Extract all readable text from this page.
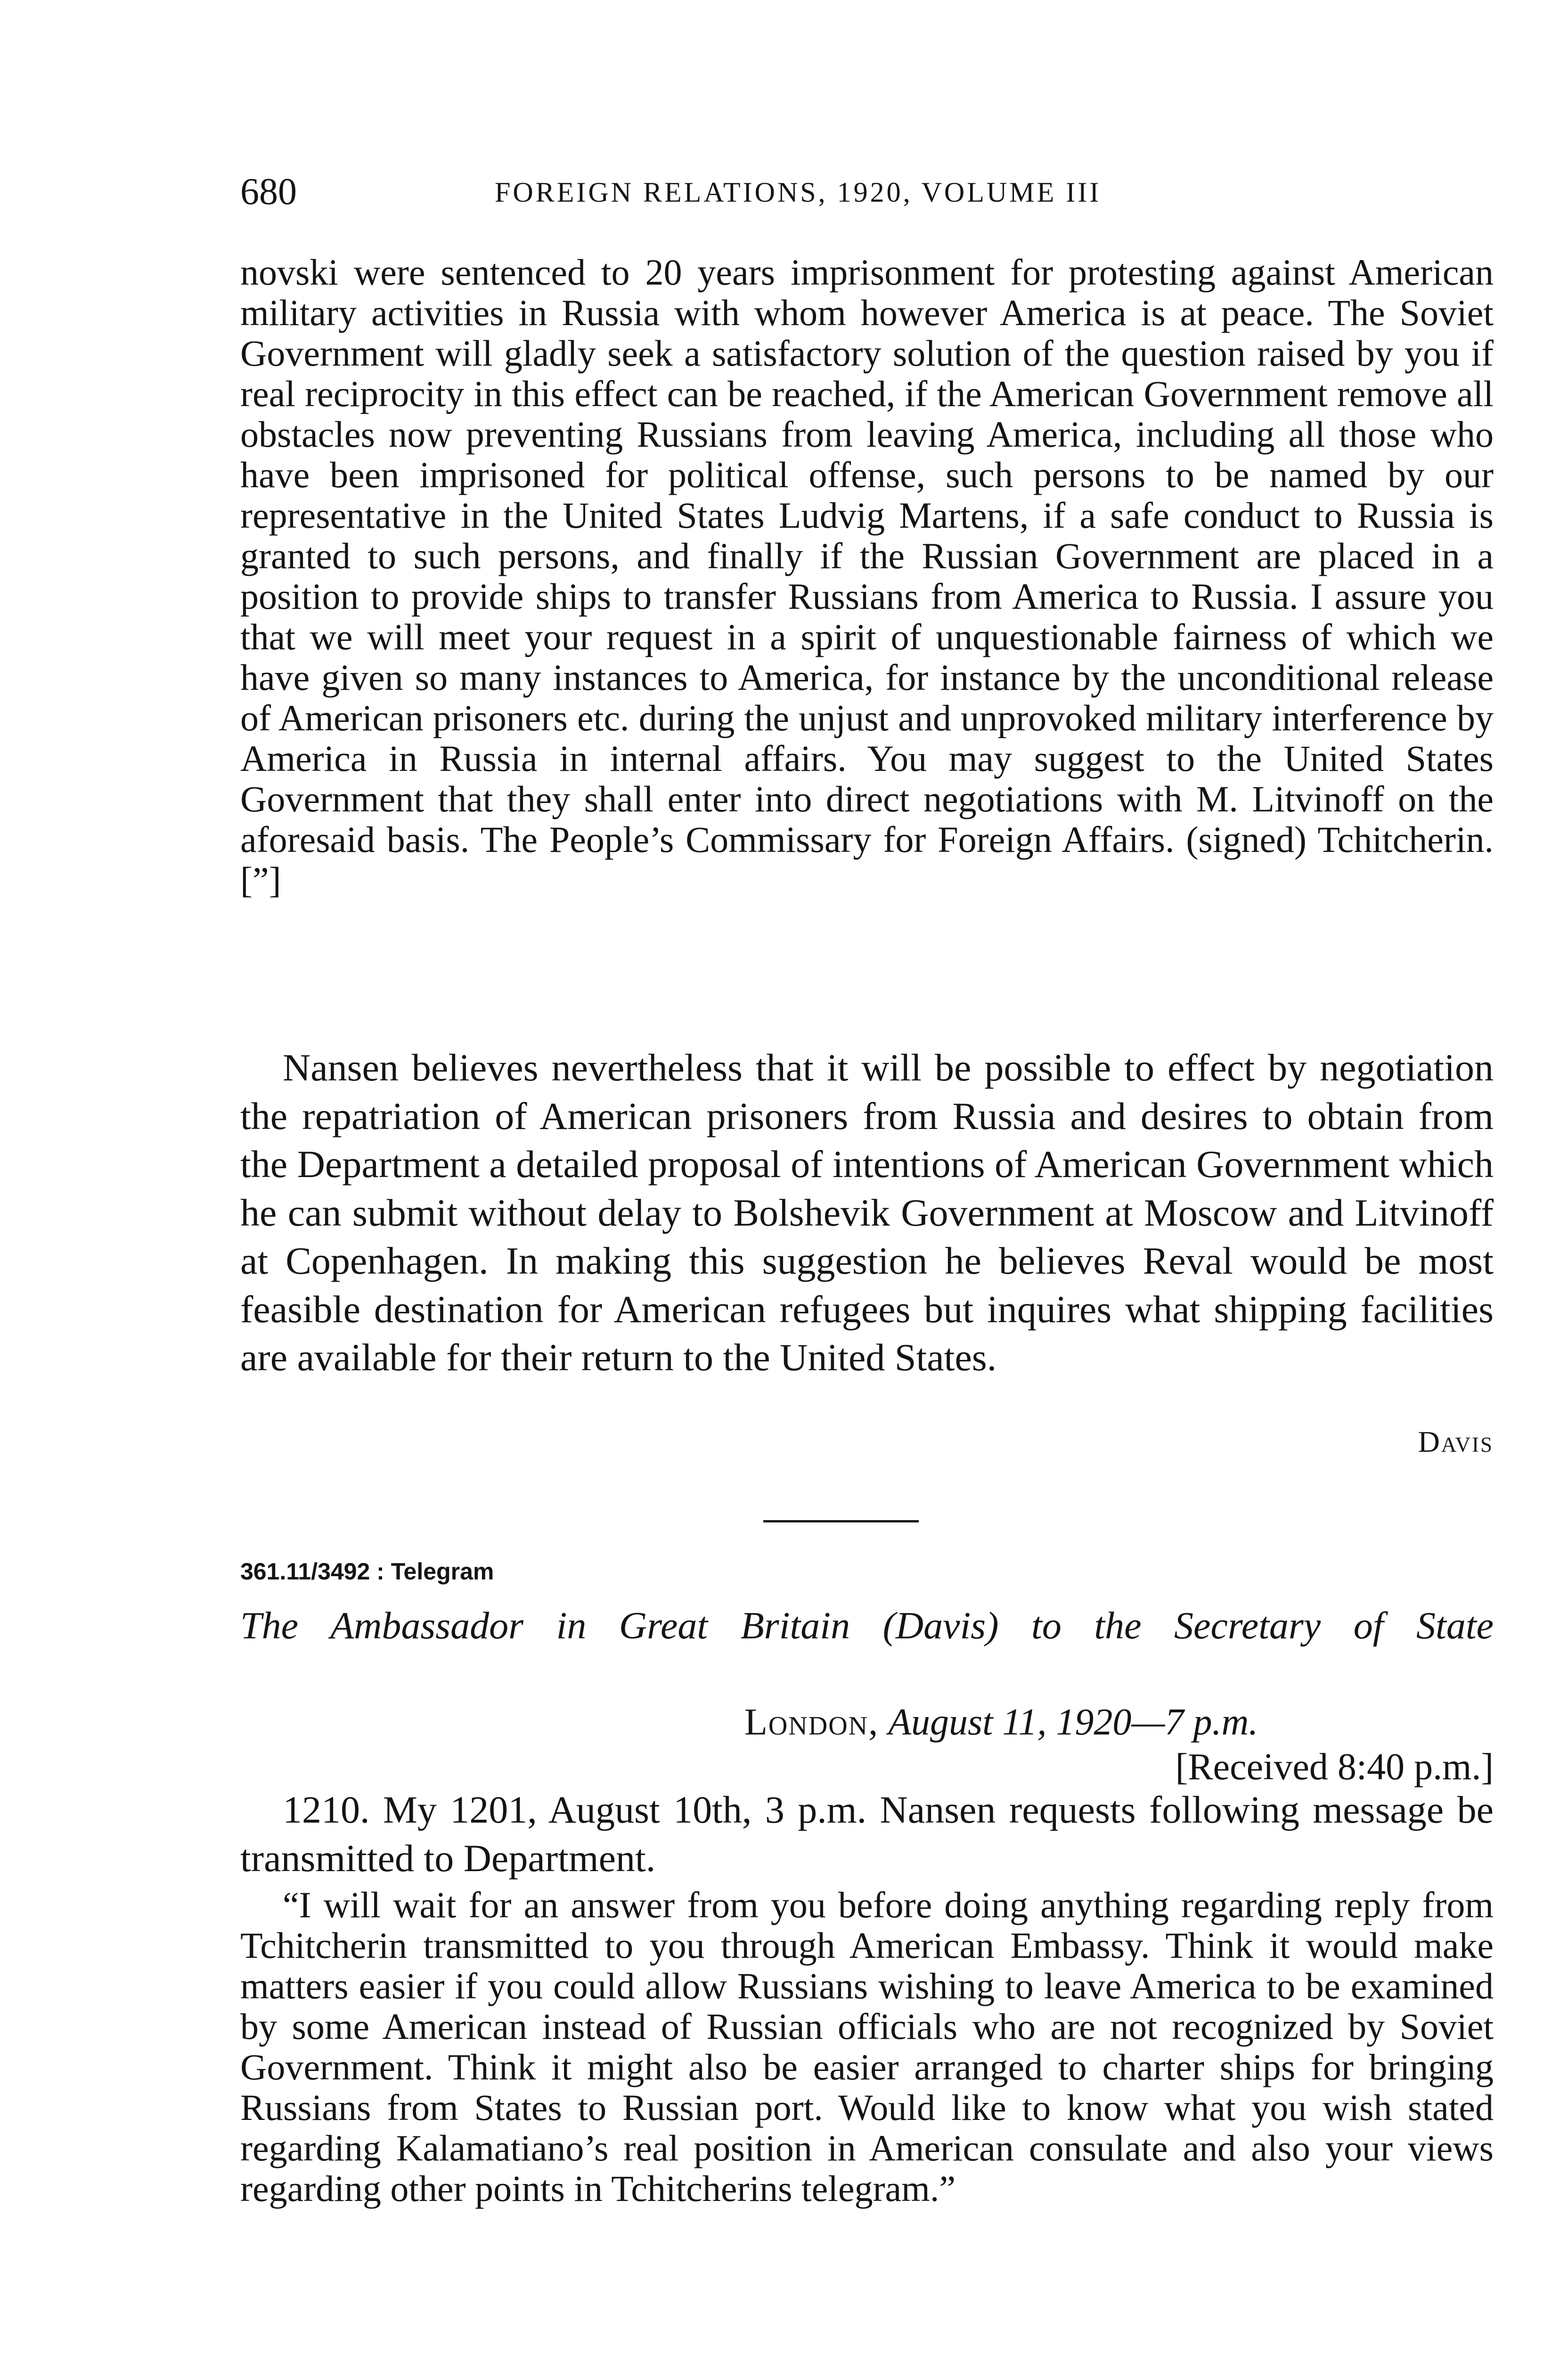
680	FOREIGN RELATIONS, 1920, VOLUME III

novski were sentenced to 20 years imprisonment for protesting against American military activities in Russia with whom however America is at peace. The Soviet Government will gladly seek a satisfactory solution of the question raised by you if real reciprocity in this effect can be reached, if the American Government remove all obstacles now preventing Russians from leaving America, including all those who have been imprisoned for political offense, such persons to be named by our representative in the United States Ludvig Martens, if a safe conduct to Russia is granted to such persons, and finally if the Russian Government are placed in a position to provide ships to transfer Russians from America to Russia. I assure you that we will meet your request in a spirit of unquestionable fairness of which we have given so many instances to America, for instance by the unconditional release of American prisoners etc. during the unjust and unprovoked military interference by America in Russia in internal affairs. You may suggest to the United States Government that they shall enter into direct negotiations with M. Litvinoff on the aforesaid basis. The People’s Commissary for Foreign Affairs. (signed) Tchitcherin.[”]

Nansen believes nevertheless that it will be possible to effect by negotiation the repatriation of American prisoners from Russia and desires to obtain from the Department a detailed proposal of intentions of American Government which he can submit without delay to Bolshevik Government at Moscow and Litvinoff at Copenhagen. In making this suggestion he believes Reval would be most feasible destination for American refugees but inquires what shipping facilities are available for their return to the United States.

Davis
361.11/3492 : Telegram
The Ambassador in Great Britain (Davis) to the Secretary of State
London, August 11, 1920—7 p.m.
[Received 8:40 p.m.]

1210. My 1201, August 10th, 3 p.m. Nansen requests following message be transmitted to Department.

“I will wait for an answer from you before doing anything regarding reply from Tchitcherin transmitted to you through American Embassy. Think it would make matters easier if you could allow Russians wishing to leave America to be examined by some American instead of Russian officials who are not recognized by Soviet Government. Think it might also be easier arranged to charter ships for bringing Russians from States to Russian port. Would like to know what you wish stated regarding Kalamatiano’s real position in American consulate and also your views regarding other points in Tchitcherins telegram.”
